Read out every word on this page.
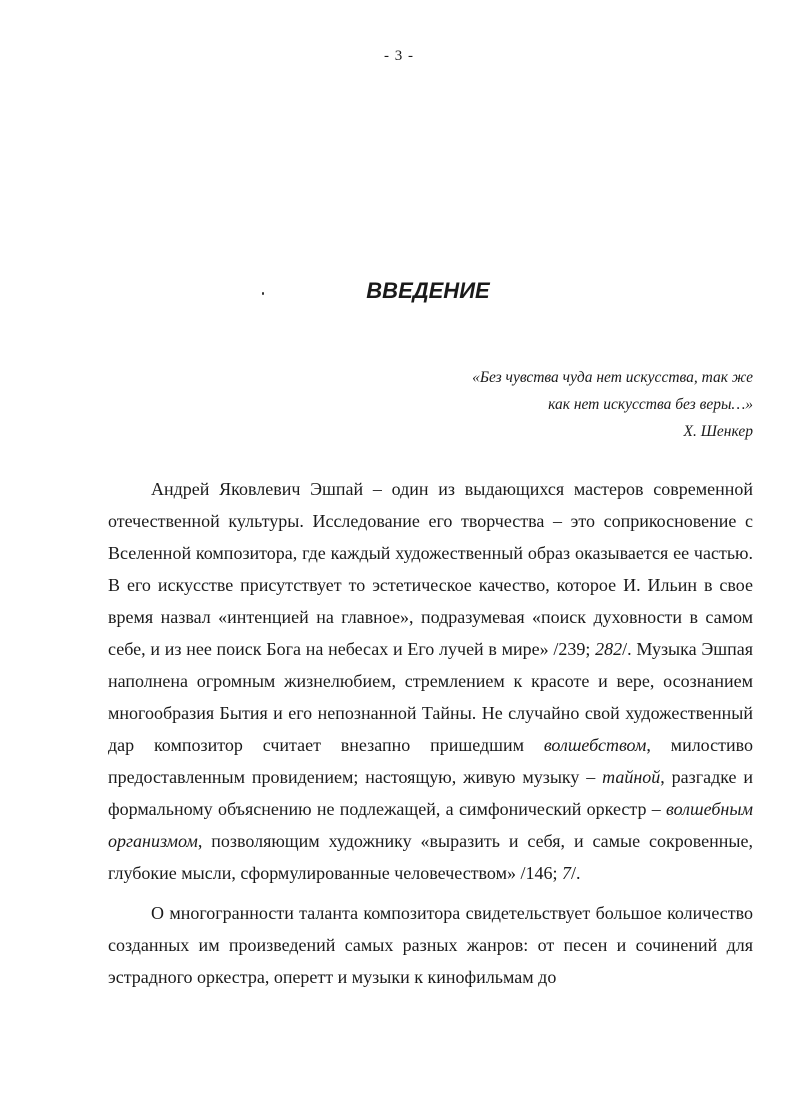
- 3 -
ВВЕДЕНИЕ
«Без чувства чуда нет искусства, так же
как нет искусства без веры…»
Х. Шенкер

Андрей Яковлевич Эшпай – один из выдающихся мастеров современной отечественной культуры. Исследование его творчества – это соприкосновение с Вселенной композитора, где каждый художественный образ оказывается ее частью. В его искусстве присутствует то эстетическое качество, которое И. Ильин в свое время назвал «интенцией на главное», подразумевая «поиск духовности в самом себе, и из нее поиск Бога на небесах и Его лучей в мире» /239; 282/. Музыка Эшпая наполнена огромным жизнелюбием, стремлением к красоте и вере, осознанием многообразия Бытия и его непознанной Тайны. Не случайно свой художественный дар композитор считает внезапно пришедшим волшебством, милостиво предоставленным провидением; настоящую, живую музыку – тайной, разгадке и формальному объяснению не подлежащей, а симфонический оркестр – волшебным организмом, позволяющим художнику «выразить и себя, и самые сокровенные, глубокие мысли, сформулированные человечеством» /146; 7/.

О многогранности таланта композитора свидетельствует большое количество созданных им произведений самых разных жанров: от песен и сочинений для эстрадного оркестра, оперетт и музыки к кинофильмам до
